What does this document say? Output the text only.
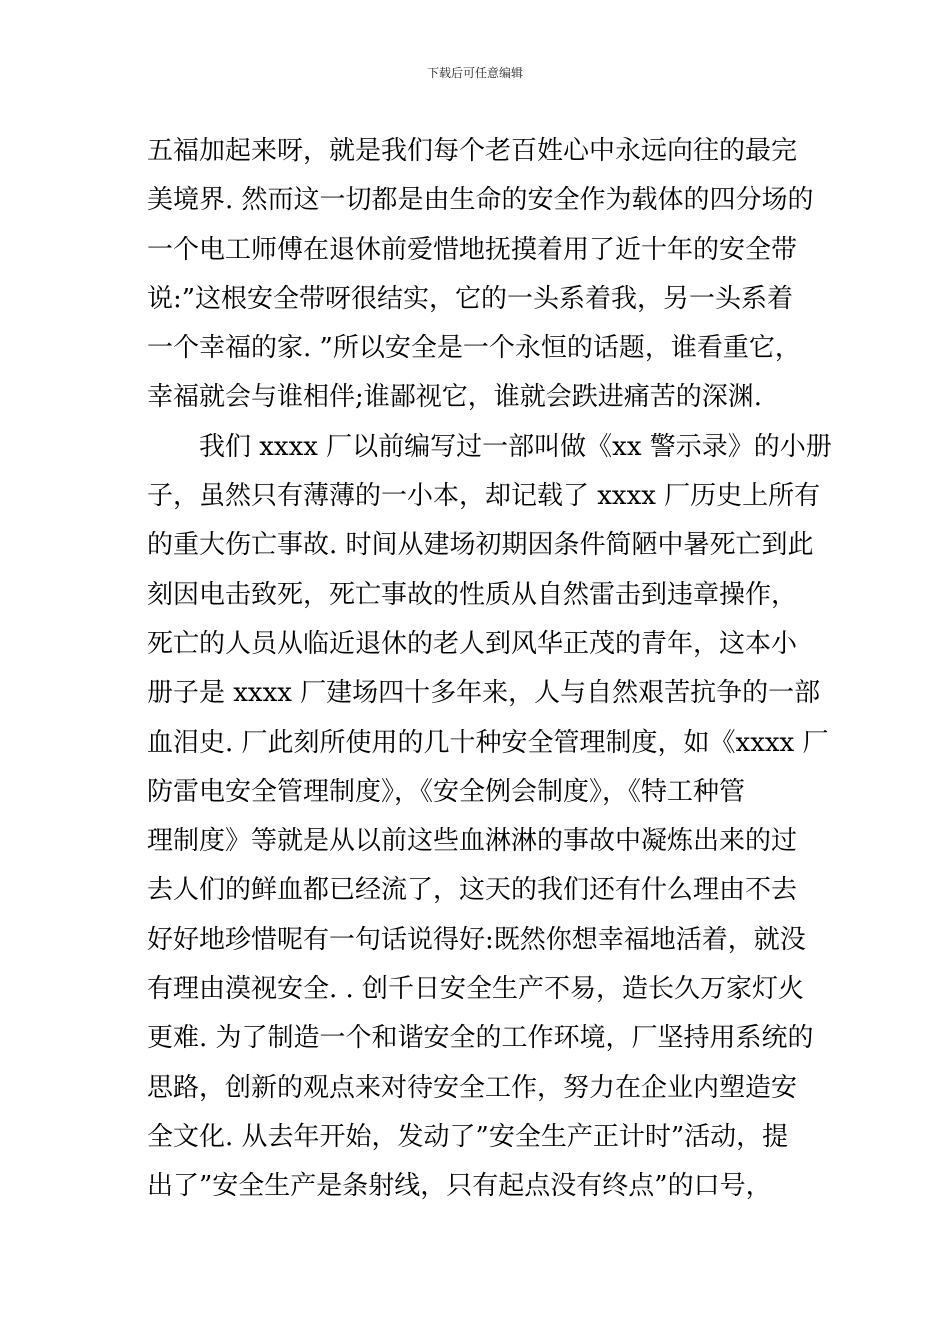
下载后可任意编辑
五福加起来呀，就是我们每个老百姓心中永远向往的最完
美境界. 然而这一切都是由生命的安全作为载体的四分场的
一个电工师傅在退休前爱惜地抚摸着用了近十年的安全带
说:”这根安全带呀很结实，它的一头系着我，另一头系着
一个幸福的家. ”所以安全是一个永恒的话题，谁看重它，
幸福就会与谁相伴;谁鄙视它，谁就会跌进痛苦的深渊.
我们 xxxx 厂以前编写过一部叫做《xx 警示录》的小册
子，虽然只有薄薄的一小本，却记载了 xxxx 厂历史上所有
的重大伤亡事故. 时间从建场初期因条件简陋中暑死亡到此
刻因电击致死，死亡事故的性质从自然雷击到违章操作，
死亡的人员从临近退休的老人到风华正茂的青年，这本小
册子是 xxxx 厂建场四十多年来，人与自然艰苦抗争的一部
血泪史. 厂此刻所使用的几十种安全管理制度，如《xxxx 厂
防雷电安全管理制度》，《安全例会制度》，《特工种管
理制度》等就是从以前这些血淋淋的事故中凝炼出来的过
去人们的鲜血都已经流了，这天的我们还有什么理由不去
好好地珍惜呢有一句话说得好:既然你想幸福地活着，就没
有理由漠视安全. . 创千日安全生产不易，造长久万家灯火
更难. 为了制造一个和谐安全的工作环境，厂坚持用系统的
思路，创新的观点来对待安全工作，努力在企业内塑造安
全文化. 从去年开始，发动了”安全生产正计时”活动，提
出了”安全生产是条射线，只有起点没有终点”的口号，
